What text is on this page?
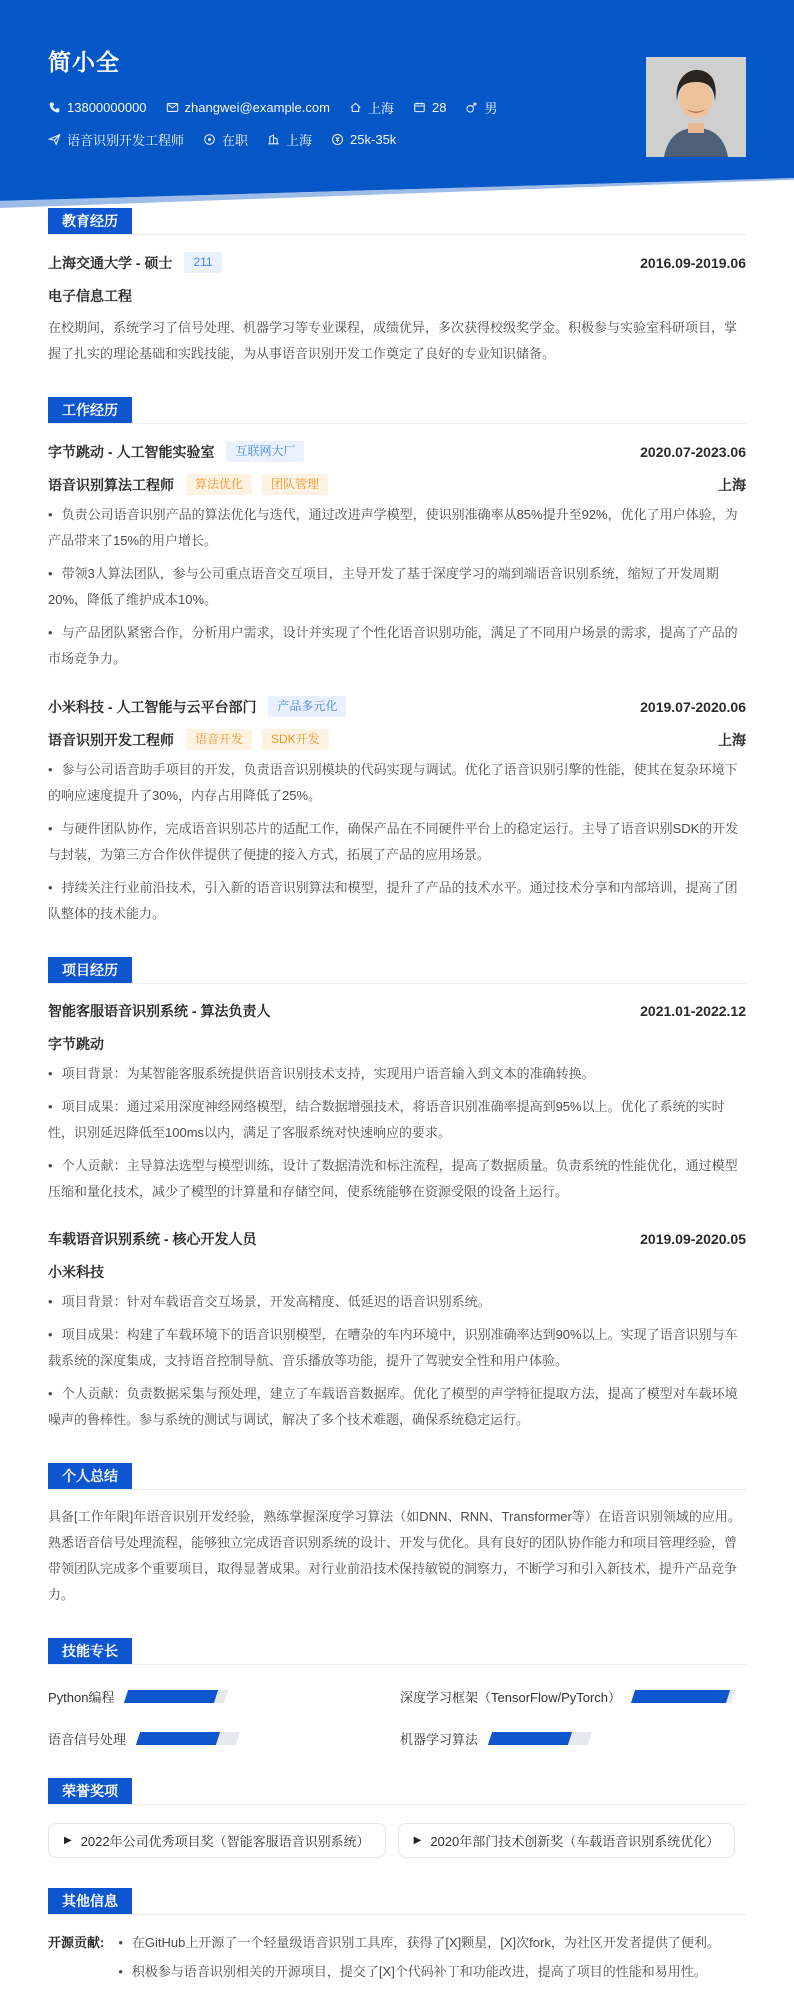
简小全
13800000000	zhangwei@example.com	上海	28	男
语音识别开发工程师	在职	上海	25k-35k
教育经历
上海交通大学 - 硕士	211	2016.09-2019.06
电子信息工程

在校期间，系统学习了信号处理、机器学习等专业课程，成绩优异，多次获得校级奖学金。积极参与实验室科研项目，掌握了扎实的理论基础和实践技能，为从事语音识别开发工作奠定了良好的专业知识储备。

工作经历
字节跳动 - 人工智能实验室	互联网大厂	2020.07-2023.06
语音识别算法工程师	算法优化	团队管理	上海

• 负责公司语音识别产品的算法优化与迭代，通过改进声学模型，使识别准确率从85%提升至92%，优化了用户体验，为产品带来了15%的用户增长。

• 带领3人算法团队，参与公司重点语音交互项目，主导开发了基于深度学习的端到端语音识别系统，缩短了开发周期20%，降低了维护成本10%。

• 与产品团队紧密合作，分析用户需求，设计并实现了个性化语音识别功能，满足了不同用户场景的需求，提高了产品的市场竞争力。

小米科技 - 人工智能与云平台部门	产品多元化	2019.07-2020.06
语音识别开发工程师	语音开发	SDK开发	上海

• 参与公司语音助手项目的开发，负责语音识别模块的代码实现与调试。优化了语音识别引擎的性能，使其在复杂环境下的响应速度提升了30%，内存占用降低了25%。

• 与硬件团队协作，完成语音识别芯片的适配工作，确保产品在不同硬件平台上的稳定运行。主导了语音识别SDK的开发与封装，为第三方合作伙伴提供了便捷的接入方式，拓展了产品的应用场景。

• 持续关注行业前沿技术，引入新的语音识别算法和模型，提升了产品的技术水平。通过技术分享和内部培训，提高了团队整体的技术能力。

项目经历
智能客服语音识别系统 - 算法负责人	2021.01-2022.12
字节跳动

• 项目背景：为某智能客服系统提供语音识别技术支持，实现用户语音输入到文本的准确转换。

• 项目成果：通过采用深度神经网络模型，结合数据增强技术，将语音识别准确率提高到95%以上。优化了系统的实时性，识别延迟降低至100ms以内，满足了客服系统对快速响应的要求。

• 个人贡献：主导算法选型与模型训练，设计了数据清洗和标注流程，提高了数据质量。负责系统的性能优化，通过模型压缩和量化技术，减少了模型的计算量和存储空间，使系统能够在资源受限的设备上运行。

车载语音识别系统 - 核心开发人员	2019.09-2020.05
小米科技

• 项目背景：针对车载语音交互场景，开发高精度、低延迟的语音识别系统。

• 项目成果：构建了车载环境下的语音识别模型，在嘈杂的车内环境中，识别准确率达到90%以上。实现了语音识别与车载系统的深度集成，支持语音控制导航、音乐播放等功能，提升了驾驶安全性和用户体验。

• 个人贡献：负责数据采集与预处理，建立了车载语音数据库。优化了模型的声学特征提取方法，提高了模型对车载环境噪声的鲁棒性。参与系统的测试与调试，解决了多个技术难题，确保系统稳定运行。

个人总结

具备[工作年限]年语音识别开发经验，熟练掌握深度学习算法（如DNN、RNN、Transformer等）在语音识别领域的应用。熟悉语音信号处理流程，能够独立完成语音识别系统的设计、开发与优化。具有良好的团队协作能力和项目管理经验，曾带领团队完成多个重要项目，取得显著成果。对行业前沿技术保持敏锐的洞察力，不断学习和引入新技术，提升产品竞争力。

技能专长
Python编程	深度学习框架（TensorFlow/PyTorch）
语音信号处理	机器学习算法
荣誉奖项
▶ 2022年公司优秀项目奖（智能客服语音识别系统）	▶ 2020年部门技术创新奖（车载语音识别系统优化）
其他信息
开源贡献: • 在GitHub上开源了一个轻量级语音识别工具库，获得了[X]颗星，[X]次fork，为社区开发者提供了便利。

• 积极参与语音识别相关的开源项目，提交了[X]个代码补丁和功能改进，提高了项目的性能和易用性。
